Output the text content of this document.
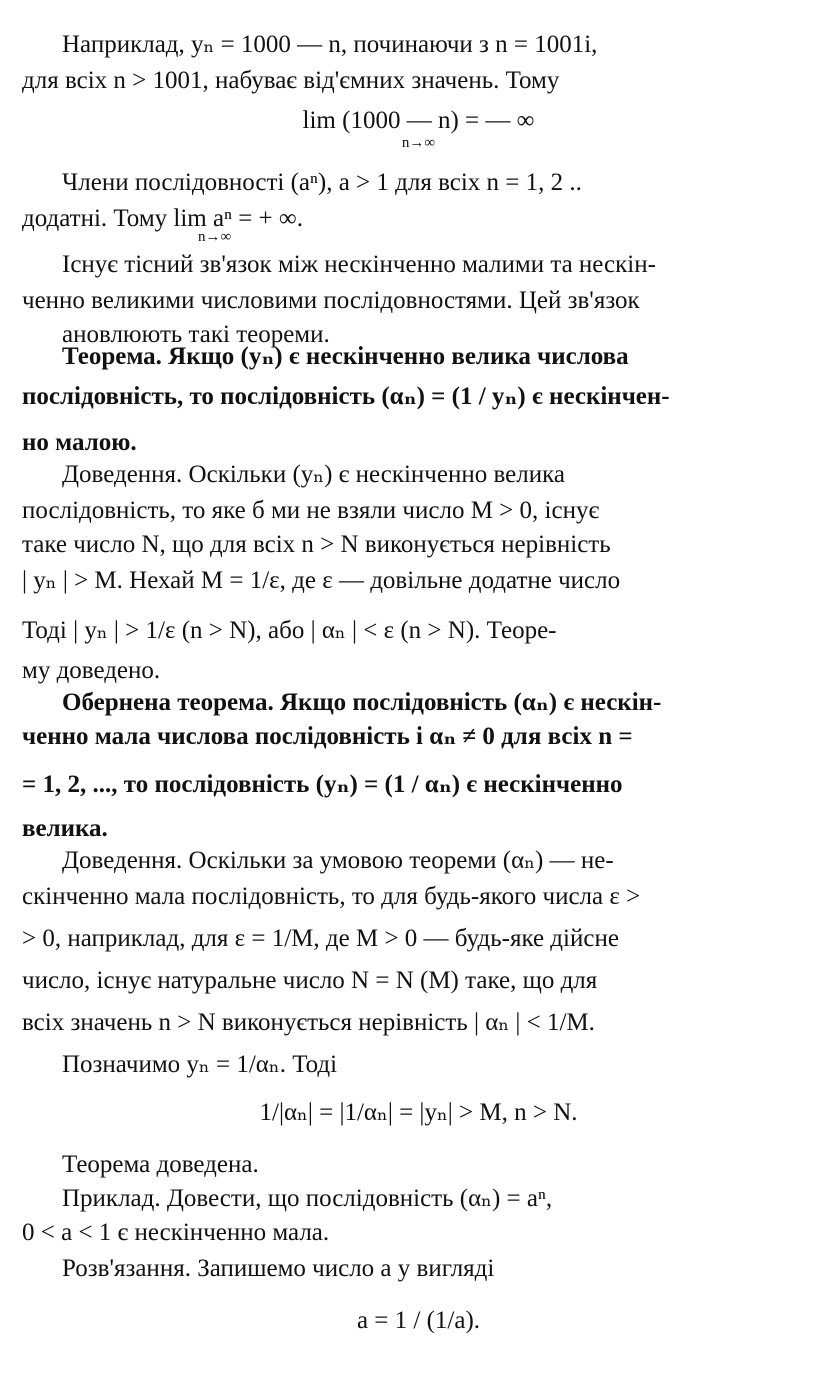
Наприклад, yₙ = 1000 — n, починаючи з n = 1001і,
для всіх n > 1001, набуває від'ємних значень. Тому
lim (1000 — n) = — ∞
n→∞
Члени послідовності (aⁿ), a > 1 для всіх n = 1, 2 ..
додатні. Тому lim aⁿ = + ∞.
n→∞
Існує тісний зв'язок між нескінченно малими та нескін-
ченно великими числовими послідовностями. Цей зв'язок
ановлюють такі теореми.
Теорема. Якщо (yₙ) є нескінченно велика числова
послідовність, то послідовність (αₙ) = (1 / yₙ) є нескінчен-
но малою.
Доведення. Оскільки (yₙ) є нескінченно велика
послідовність, то яке б ми не взяли число M > 0, існує
таке число N, що для всіх n > N виконується нерівність
| yₙ | > M. Нехай M = 1/ε, де ε — довільне додатне число
Тоді | yₙ | > 1/ε (n > N), або | αₙ | < ε (n > N). Теоре-
му доведено.
Обернена теорема. Якщо послідовність (αₙ) є нескін-
ченно мала числова послідовність і αₙ ≠ 0 для всіх n =
= 1, 2, ..., то послідовність (yₙ) = (1 / αₙ) є нескінченно
велика.
Доведення. Оскільки за умовою теореми (αₙ) — не-
скінченно мала послідовність, то для будь-якого числа ε >
> 0, наприклад, для ε = 1/M, де M > 0 — будь-яке дійсне
число, існує натуральне число N = N (M) таке, що для
всіх значень n > N виконується нерівність | αₙ | < 1/M.
Позначимо yₙ = 1/αₙ. Тоді
1/|αₙ| = |1/αₙ| = |yₙ| > M, n > N.
Теорема доведена.
Приклад. Довести, що послідовність (αₙ) = aⁿ,
0 < a < 1 є нескінченно мала.
Розв'язання. Запишемо число a у вигляді
a = 1 / (1/a).
